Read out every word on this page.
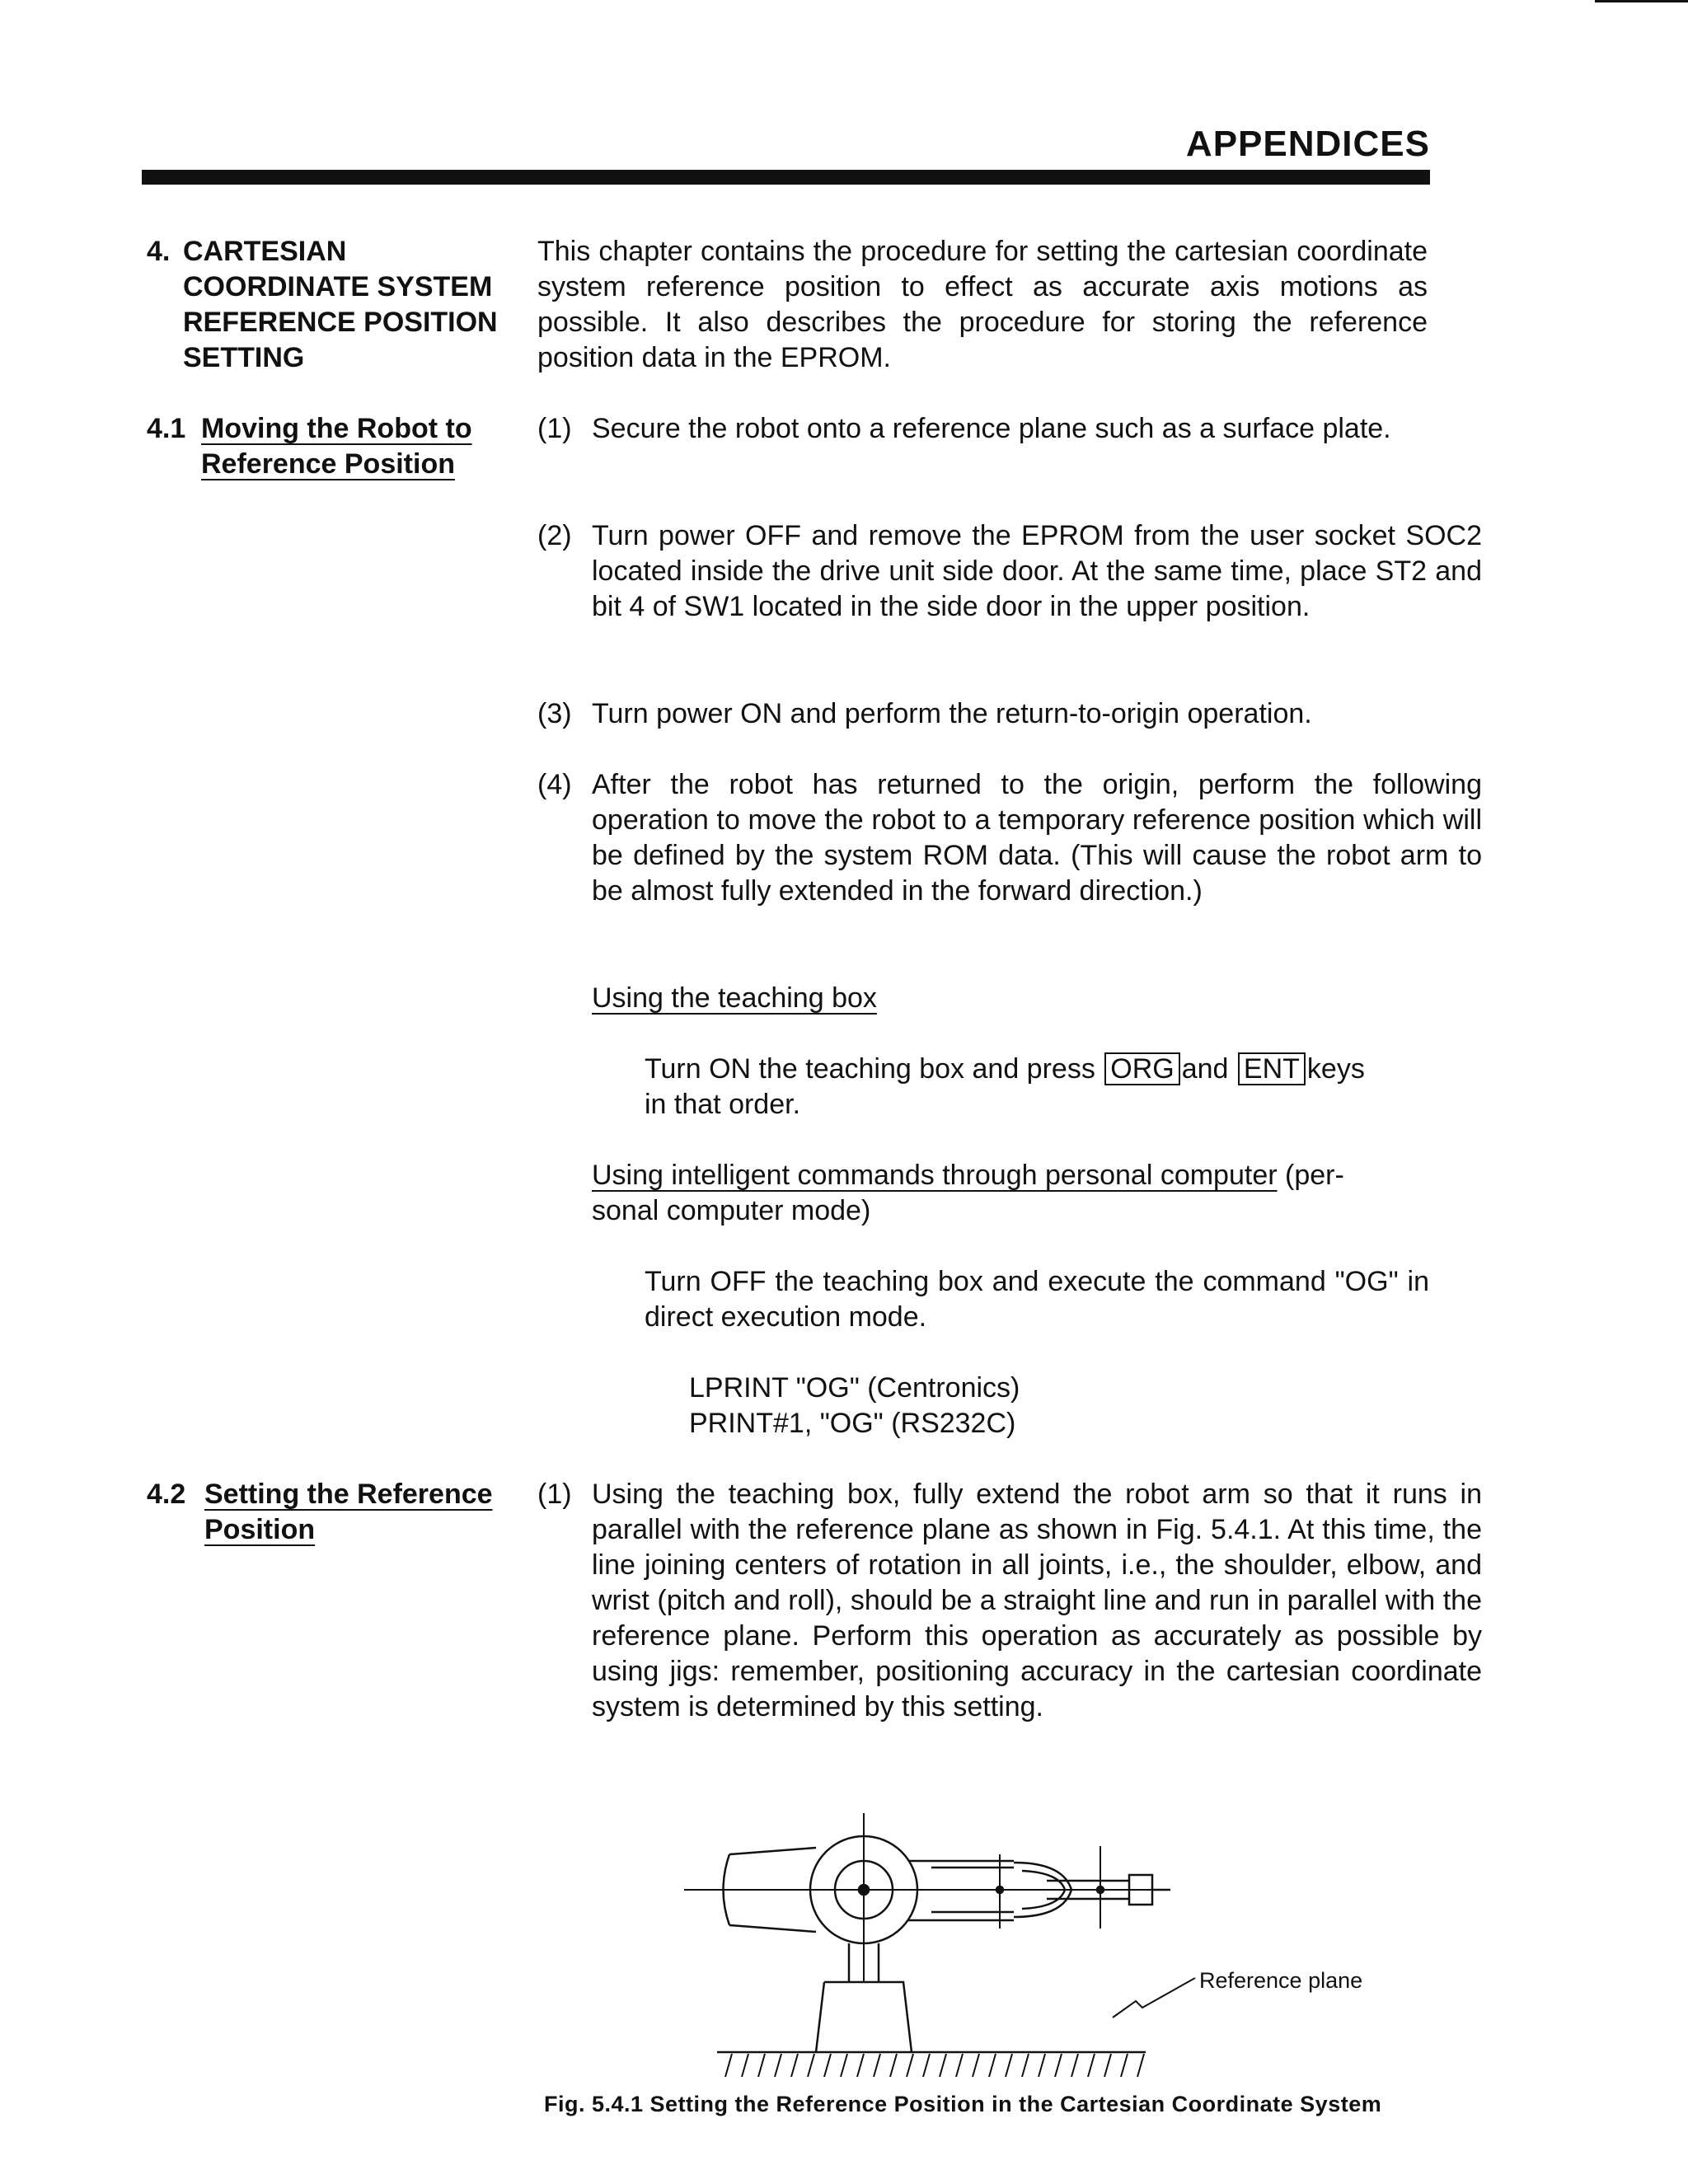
APPENDICES
4. CARTESIAN
COORDINATE SYSTEM
REFERENCE POSITION
SETTING
This chapter contains the procedure for setting the cartesian coordinate system reference position to effect as accurate axis motions as possible. It also describes the procedure for storing the reference position data in the EPROM.
4.1 Moving the Robot to
Reference Position
(1) Secure the robot onto a reference plane such as a surface plate.
(2) Turn power OFF and remove the EPROM from the user socket SOC2 located inside the drive unit side door. At the same time, place ST2 and bit 4 of SW1 located in the side door in the upper position.
(3) Turn power ON and perform the return-to-origin operation.
(4) After the robot has returned to the origin, perform the following operation to move the robot to a temporary reference position which will be defined by the system ROM data. (This will cause the robot arm to be almost fully extended in the forward direction.)
Using the teaching box
Turn ON the teaching box and press ORG and ENT keys
in that order.
Using intelligent commands through personal computer (per-
sonal computer mode)
Turn OFF the teaching box and execute the command "OG" in direct execution mode.
LPRINT "OG" (Centronics)
PRINT#1, "OG" (RS232C)
4.2 Setting the Reference
Position
(1) Using the teaching box, fully extend the robot arm so that it runs in parallel with the reference plane as shown in Fig. 5.4.1. At this time, the line joining centers of rotation in all joints, i.e., the shoulder, elbow, and wrist (pitch and roll), should be a straight line and run in parallel with the reference plane. Perform this operation as accurately as possible by using jigs: remember, positioning accuracy in the cartesian coordinate system is determined by this setting.
Reference plane
Fig. 5.4.1 Setting the Reference Position in the Cartesian Coordinate System
